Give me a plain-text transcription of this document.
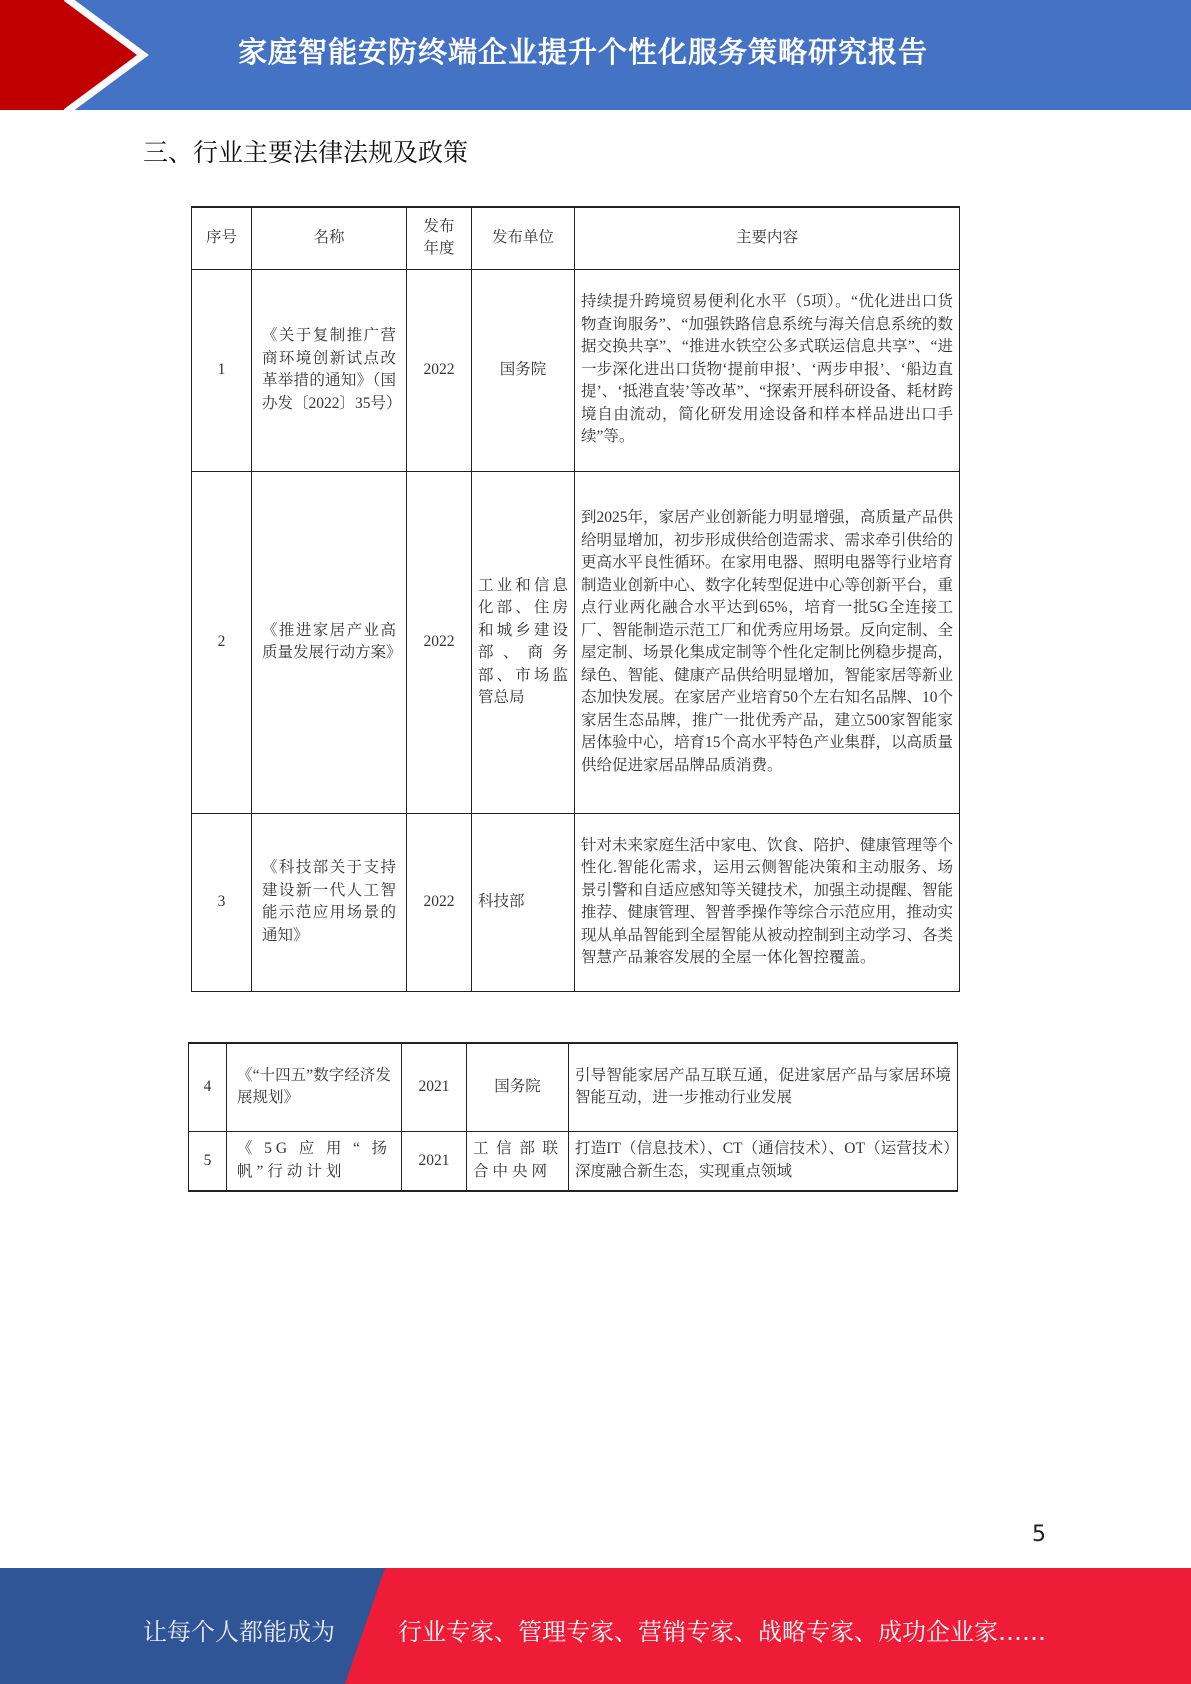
家庭智能安防终端企业提升个性化服务策略研究报告
三、行业主要法律法规及政策
序号	名称	发布年度	发布单位	主要内容
1	《关于复制推广营商环境创新试点改革举措的通知》（国办发〔2022〕35号）	2022	国务院	持续提升跨境贸易便利化水平（5项）。“优化进出口货物查询服务”、“加强铁路信息系统与海关信息系统的数据交换共享”、“推进水铁空公多式联运信息共享”、“进一步深化进出口货物‘提前申报’、‘两步申报’、‘船边直提’、‘抵港直装’等改革”、“探索开展科研设备、耗材跨境自由流动，简化研发用途设备和样本样品进出口手续”等。
2	《推进家居产业高质量发展行动方案》	2022	工业和信息化部、住房和城乡建设部、商务部、市场监管总局	到2025年，家居产业创新能力明显增强，高质量产品供给明显增加，初步形成供给创造需求、需求牵引供给的更高水平良性循环。在家用电器、照明电器等行业培育制造业创新中心、数字化转型促进中心等创新平台，重点行业两化融合水平达到65%，培育一批5G全连接工厂、智能制造示范工厂和优秀应用场景。反向定制、全屋定制、场景化集成定制等个性化定制比例稳步提高，绿色、智能、健康产品供给明显增加，智能家居等新业态加快发展。在家居产业培育50个左右知名品牌、10个家居生态品牌，推广一批优秀产品，建立500家智能家居体验中心，培育15个高水平特色产业集群，以高质量供给促进家居品牌品质消费。
3	《科技部关于支持建设新一代人工智能示范应用场景的通知》	2022	科技部	针对未来家庭生活中家电、饮食、陪护、健康管理等个性化.智能化需求，运用云侧智能决策和主动服务、场景引警和自适应感知等关键技术，加强主动提醒、智能推荐、健康管理、智普季操作等综合示范应用，推动实现从单品智能到全屋智能从被动控制到主动学习、各类智慧产品兼容发展的全屋一体化智控覆盖。
4	《“十四五”数字经济发展规划》	2021	国务院	引导智能家居产品互联互通，促进家居产品与家居环境智能互动，进一步推动行业发展
5	《5G应用“扬帆”行动计划	2021	工信部联合中央网	打造IT（信息技术）、CT（通信技术）、OT（运营技术）深度融合新生态，实现重点领域
5
让每个人都能成为	行业专家、管理专家、营销专家、战略专家、成功企业家……
